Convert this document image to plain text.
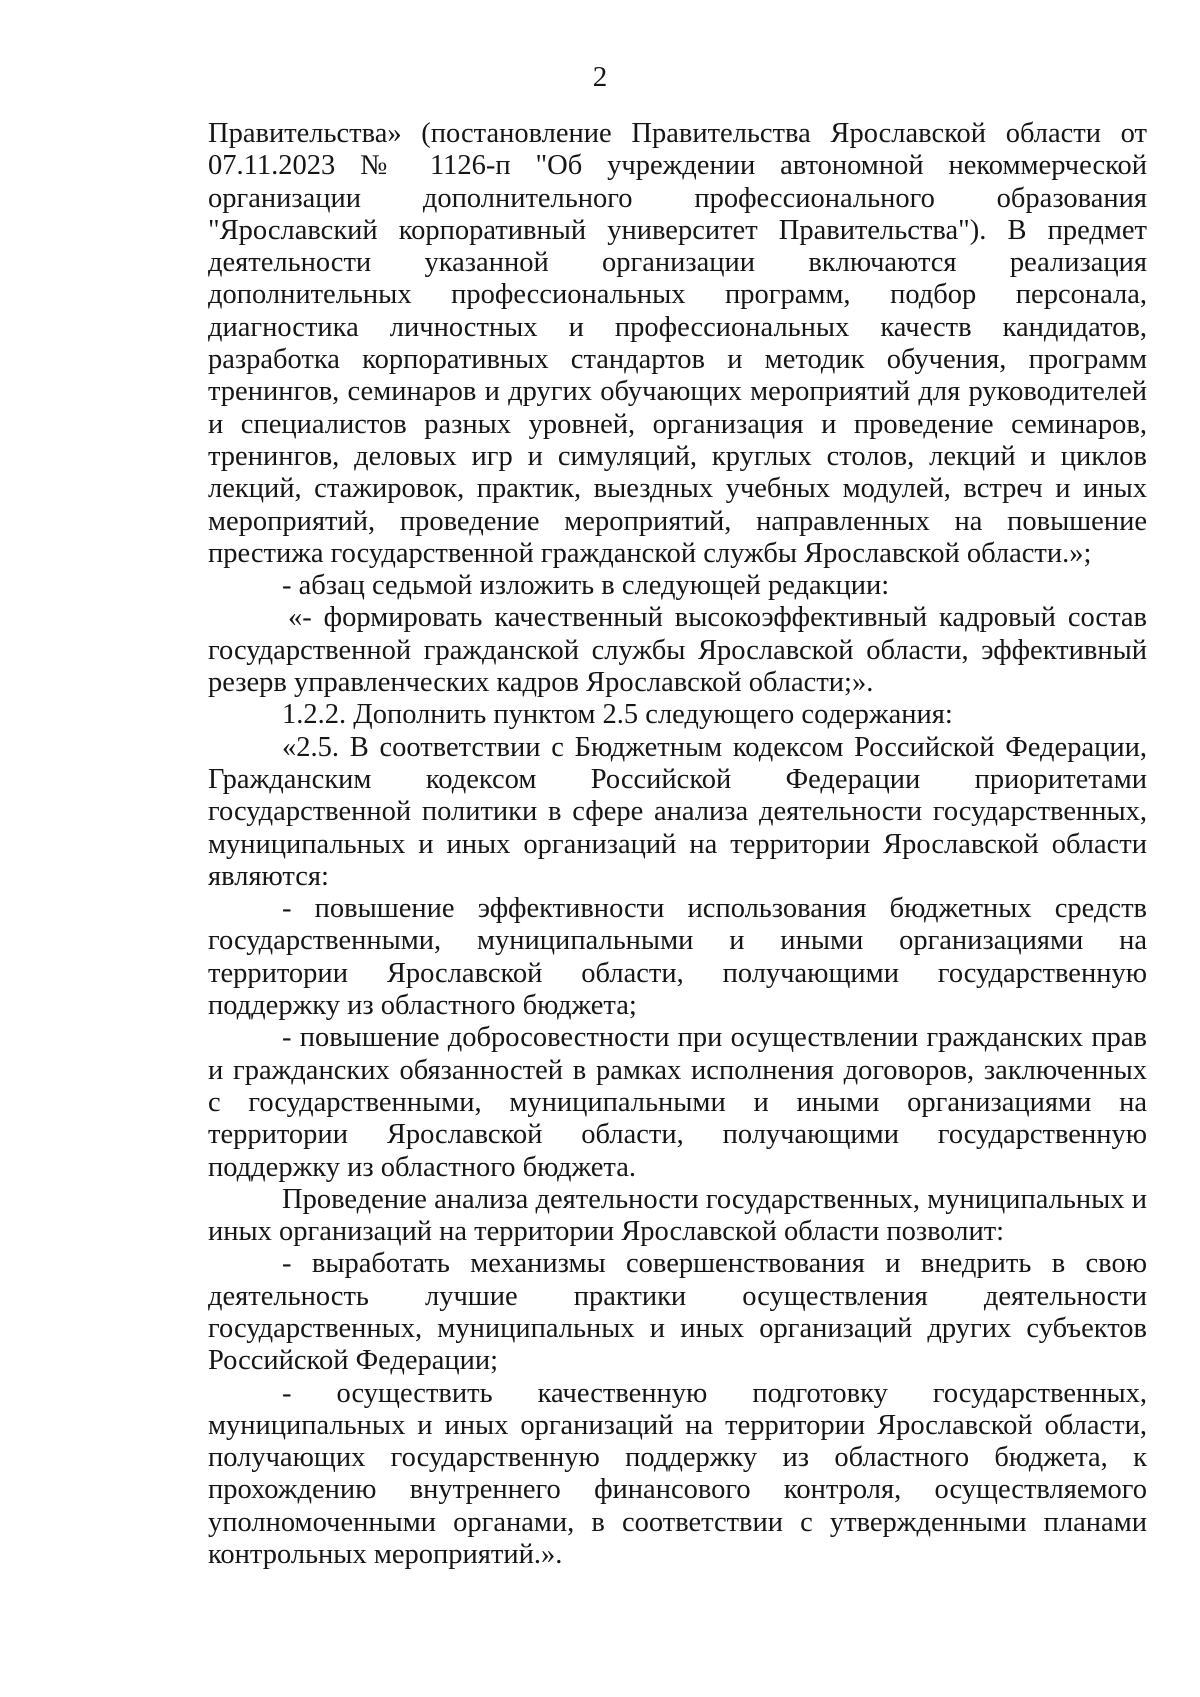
2

Правительства» (постановление Правительства Ярославской области от 07.11.2023 № 1126-п "Об учреждении автономной некоммерческой организации дополнительного профессионального образования "Ярославский корпоративный университет Правительства"). В предмет деятельности указанной организации включаются реализация дополнительных профессиональных программ, подбор персонала, диагностика личностных и профессиональных качеств кандидатов, разработка корпоративных стандартов и методик обучения, программ тренингов, семинаров и других обучающих мероприятий для руководителей и специалистов разных уровней, организация и проведение семинаров, тренингов, деловых игр и симуляций, круглых столов, лекций и циклов лекций, стажировок, практик, выездных учебных модулей, встреч и иных мероприятий, проведение мероприятий, направленных на повышение престижа государственной гражданской службы Ярославской области.»;

- абзац седьмой изложить в следующей редакции:

«- формировать качественный высокоэффективный кадровый состав государственной гражданской службы Ярославской области, эффективный резерв управленческих кадров Ярославской области;».

1.2.2. Дополнить пунктом 2.5 следующего содержания:

«2.5. В соответствии с Бюджетным кодексом Российской Федерации, Гражданским кодексом Российской Федерации приоритетами государственной политики в сфере анализа деятельности государственных, муниципальных и иных организаций на территории Ярославской области являются:

- повышение эффективности использования бюджетных средств государственными, муниципальными и иными организациями на территории Ярославской области, получающими государственную поддержку из областного бюджета;

- повышение добросовестности при осуществлении гражданских прав и гражданских обязанностей в рамках исполнения договоров, заключенных с государственными, муниципальными и иными организациями на территории Ярославской области, получающими государственную поддержку из областного бюджета.

Проведение анализа деятельности государственных, муниципальных и иных организаций на территории Ярославской области позволит:

- выработать механизмы совершенствования и внедрить в свою деятельность лучшие практики осуществления деятельности государственных, муниципальных и иных организаций других субъектов Российской Федерации;

- осуществить качественную подготовку государственных, муниципальных и иных организаций на территории Ярославской области, получающих государственную поддержку из областного бюджета, к прохождению внутреннего финансового контроля, осуществляемого уполномоченными органами, в соответствии с утвержденными планами контрольных мероприятий.».
